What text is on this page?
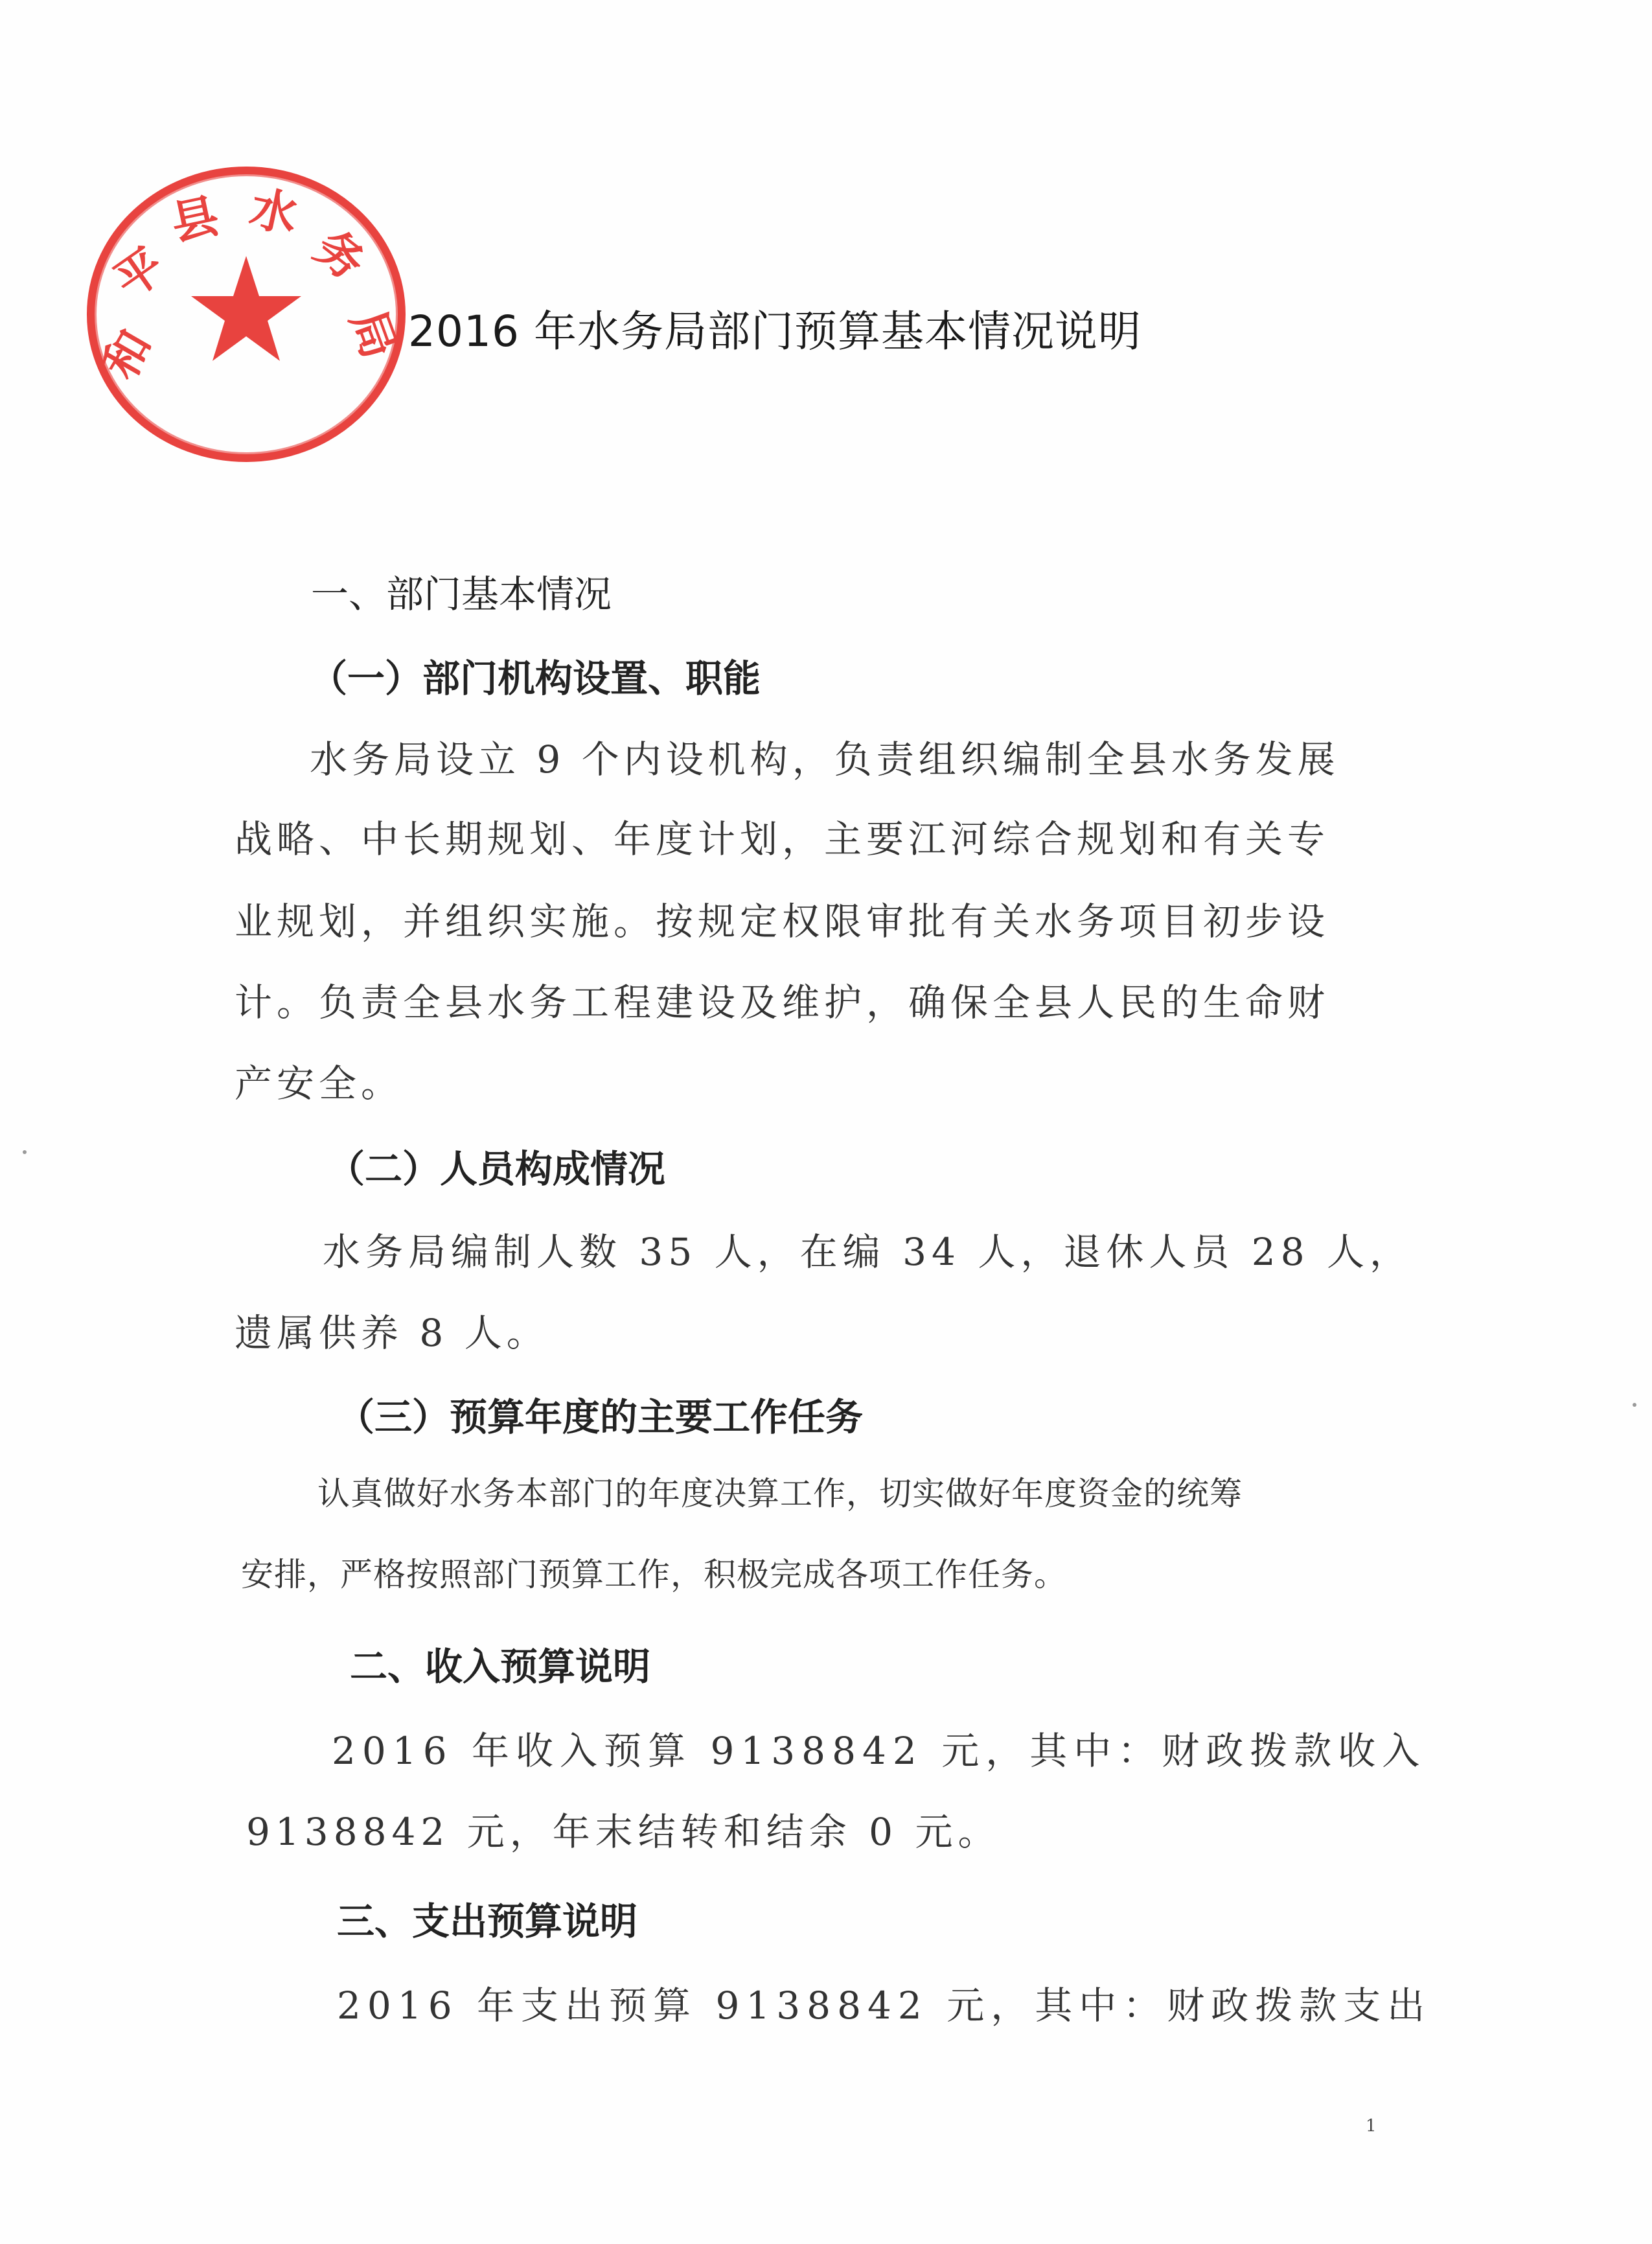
和
平
县 水
务
局 2016 年水务局部门预算基本情况说明
一、部门基本情况
（一）部门机构设置、职能
水务局设立 9 个内设机构，负责组织编制全县水务发展
战略、中长期规划、年度计划，主要江河综合规划和有关专
业规划，并组织实施。按规定权限审批有关水务项目初步设
计。负责全县水务工程建设及维护，确保全县人民的生命财
产安全。
（二）人员构成情况
水务局编制人数 35 人，在编 34 人，退休人员 28 人，
遗属供养 8 人。
（三）预算年度的主要工作任务
认真做好水务本部门的年度决算工作，切实做好年度资金的统筹
安排，严格按照部门预算工作，积极完成各项工作任务。
二、收入预算说明
2016 年收入预算 9138842 元，其中：财政拨款收入
9138842 元，年末结转和结余 0 元。
三、支出预算说明
2016 年支出预算 9138842 元，其中：财政拨款支出
1
